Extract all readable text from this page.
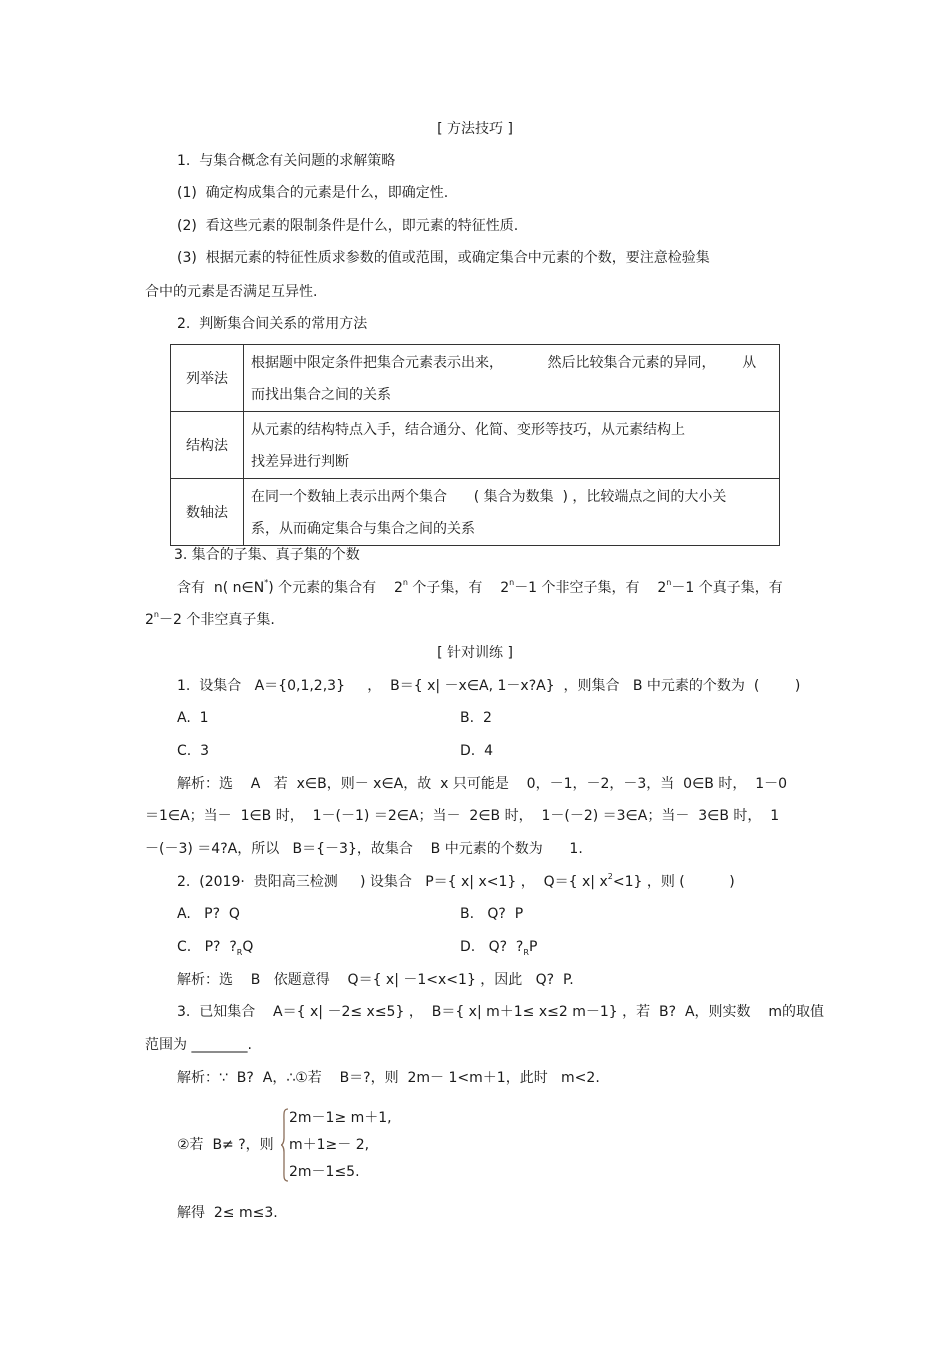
[ 方法技巧 ]
1.  与集合概念有关问题的求解策略
(1)  确定构成集合的元素是什么，即确定性.
(2)  看这些元素的限制条件是什么，即元素的特征性质.
(3)  根据元素的特征性质求参数的值或范围，或确定集合中元素的个数，要注意检验集
合中的元素是否满足互异性.
2.  判断集合间关系的常用方法
列举法	根据题中限定条件把集合元素表示出来，          然后比较集合元素的异同，      从
而找出集合之间的关系

结构法	从元素的结构特点入手，结合通分、化简、变形等技巧，从元素结构上
找差异进行判断

数轴法	在同一个数轴上表示出两个集合      ( 集合为数集  ) ，比较端点之间的大小关
系，从而确定集合与集合之间的关系
3. 集合的子集、真子集的个数
含有  n( n∈N*) 个元素的集合有    2$^n$ 个子集，有    $2^n-1$ 个非空子集，有    $2^n-1$ 个真子集，有
$2^n-2$ 个非空真子集.
[ 针对训练 ]
1.  设集合   A＝{0,1,2,3}     ，  B＝{ x| －x∈A, 1－x?A}  ，则集合   B 中元素的个数为  (        )
A.  1	B.  2
C.  3	D.  4
解析：选    A   若  x∈B，则－ x∈A，故  x 只可能是    0，－1，－2，－3，当  0∈B 时，  1－0
＝1∈A；当－  1∈B 时，  1－(－1) ＝2∈A；当－  2∈B 时，  1－(－2) ＝3∈A；当－  3∈B 时，  1
－(－3) ＝4?A，所以   B＝{－3}，故集合    B 中元素的个数为      1.
2.  (2019·  贵阳高三检测     ) 设集合   P＝{ x| x<1} ，  Q＝{ x| $x^2<1$} ，则 (          )
A.   P?  Q	B.   Q?  P
C.   P?  $?_RQ$	D.   Q?  $?_RP$
解析：选    B   依题意得    Q＝{ x| －1<x<1} ，因此   Q?  P.
3.  已知集合    A＝{ x| －2≤ x≤5} ，  B＝{ x| m＋1≤ x≤2 m－1} ，若  B?  A，则实数    m的取值
范围为 ________.
解析：∵  B?  A，∴①若    B＝?，则  2m－ 1<m＋1，此时   m<2.
②若  B≠ ?，则
2m－1≥ m＋1,
m＋1≥－ 2,
2m－1≤5.
解得  2≤ m≤3.
